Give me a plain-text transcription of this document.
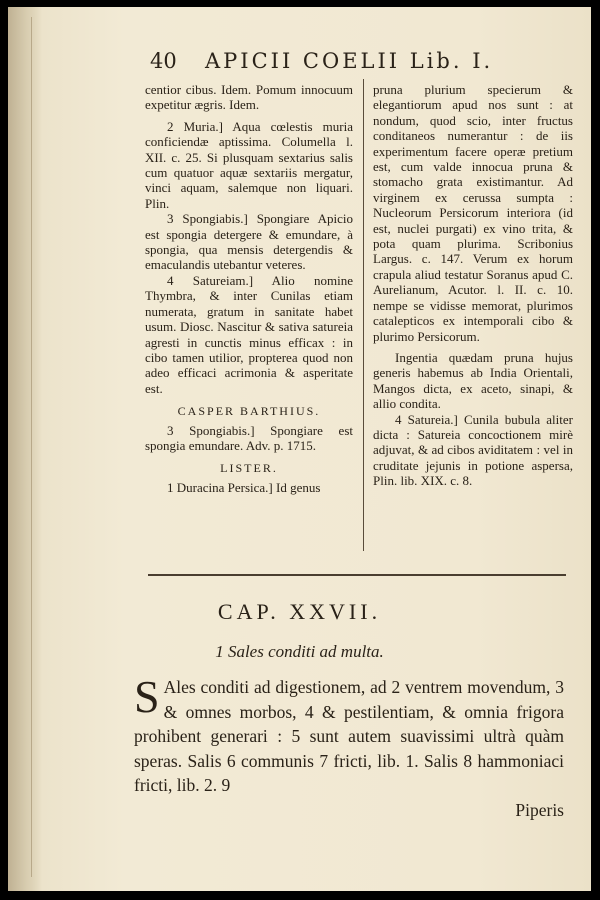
40 APICII COELII Lib. I.

centior cibus. Idem. Pomum innocuum expetitur ægris. Idem.

2 Muria.] Aqua cœlestis muria conficiendæ aptissima. Columella l. XII. c. 25. Si plusquam sextarius salis cum quatuor aquæ sextariis mergatur, vinci aquam, salemque non liquari. Plin.

3 Spongiabis.] Spongiare Apicio est spongia detergere & emundare, à spongia, qua mensis detergendis & emaculandis utebantur veteres.

4 Satureiam.] Alio nomine Thymbra, & inter Cunilas etiam numerata, gratum in sanitate habet usum. Diosc. Nascitur & sativa satureia agresti in cunctis minus efficax : in cibo tamen utilior, propterea quod non adeo efficaci acrimonia & asperitate est.

CASPER BARTHIUS.

3 Spongiabis.] Spongiare est spongia emundare. Adv. p. 1715.

LISTER.

1 Duracina Persica.] Id genus

pruna plurium specierum & elegantiorum apud nos sunt : at nondum, quod scio, inter fructus conditaneos numerantur : de iis experimentum facere operæ pretium est, cum valde innocua pruna & stomacho grata existimantur. Ad virginem ex cerussa sumpta : Nucleorum Persicorum interiora (id est, nuclei purgati) ex vino trita, & pota quam plurima. Scribonius Largus. c. 147. Verum ex horum crapula aliud testatur Soranus apud C. Aurelianum, Acutor. l. II. c. 10. nempe se vidisse memorat, plurimos catalepticos ex intemporali cibo & plurimo Persicorum.

Ingentia quædam pruna hujus generis habemus ab India Orientali, Mangos dicta, ex aceto, sinapi, & allio condita.

4 Satureia.] Cunila bubula aliter dicta : Satureia concoctionem mirè adjuvat, & ad cibos aviditatem : vel in cruditate jejunis in potione aspersa, Plin. lib. XIX. c. 8.

CAP. XXVII.
1 Sales conditi ad multa.

S Ales conditi ad digestionem, ad 2 ventrem movendum, 3 & omnes morbos, 4 & pestilentiam, & omnia frigora prohibent generari : 5 sunt autem suavissimi ultrà quàm speras. Salis 6 communis 7 fricti, lib. 1. Salis 8 hammoniaci fricti, lib. 2. 9

Piperis
